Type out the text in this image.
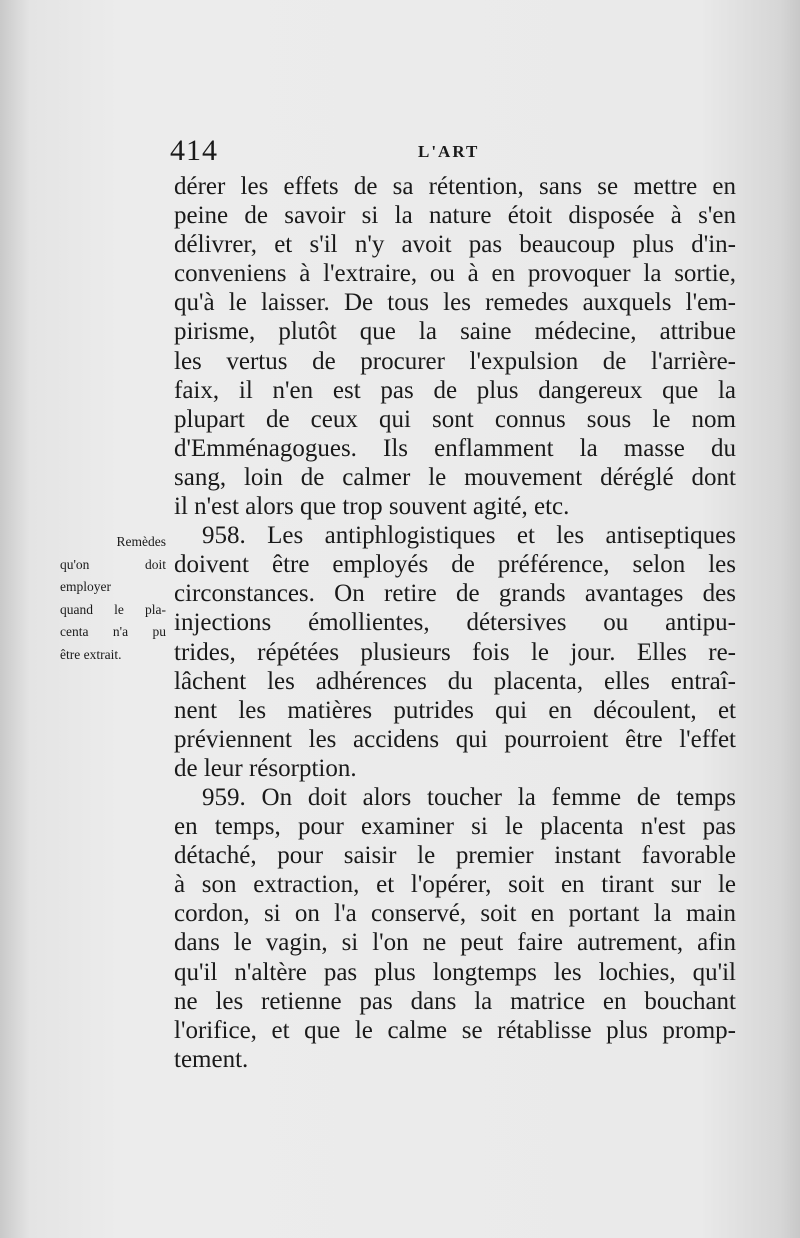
414	L'ART
dérer les effets de sa rétention, sans se mettre en
peine de savoir si la nature étoit disposée à s'en
délivrer, et s'il n'y avoit pas beaucoup plus d'in-
conveniens à l'extraire, ou à en provoquer la sortie,
qu'à le laisser. De tous les remedes auxquels l'em-
pirisme, plutôt que la saine médecine, attribue
les vertus de procurer l'expulsion de l'arrière-
faix, il n'en est pas de plus dangereux que la
plupart de ceux qui sont connus sous le nom
d'Emménagogues. Ils enflamment la masse du
sang, loin de calmer le mouvement déréglé dont
il n'est alors que trop souvent agité, etc.
958. Les antiphlogistiques et les antiseptiques
doivent être employés de préférence, selon les
circonstances. On retire de grands avantages des
injections émollientes, détersives ou antipu-
trides, répétées plusieurs fois le jour. Elles re-
lâchent les adhérences du placenta, elles entraî-
nent les matières putrides qui en découlent, et
préviennent les accidens qui pourroient être l'effet
de leur résorption.
959. On doit alors toucher la femme de temps
en temps, pour examiner si le placenta n'est pas
détaché, pour saisir le premier instant favorable
à son extraction, et l'opérer, soit en tirant sur le
cordon, si on l'a conservé, soit en portant la main
dans le vagin, si l'on ne peut faire autrement, afin
qu'il n'altère pas plus longtemps les lochies, qu'il
ne les retienne pas dans la matrice en bouchant
l'orifice, et que le calme se rétablisse plus promp-
tement.
Remèdes
qu'on doit
employer
quand le pla-
centa n'a pu
être extrait.
